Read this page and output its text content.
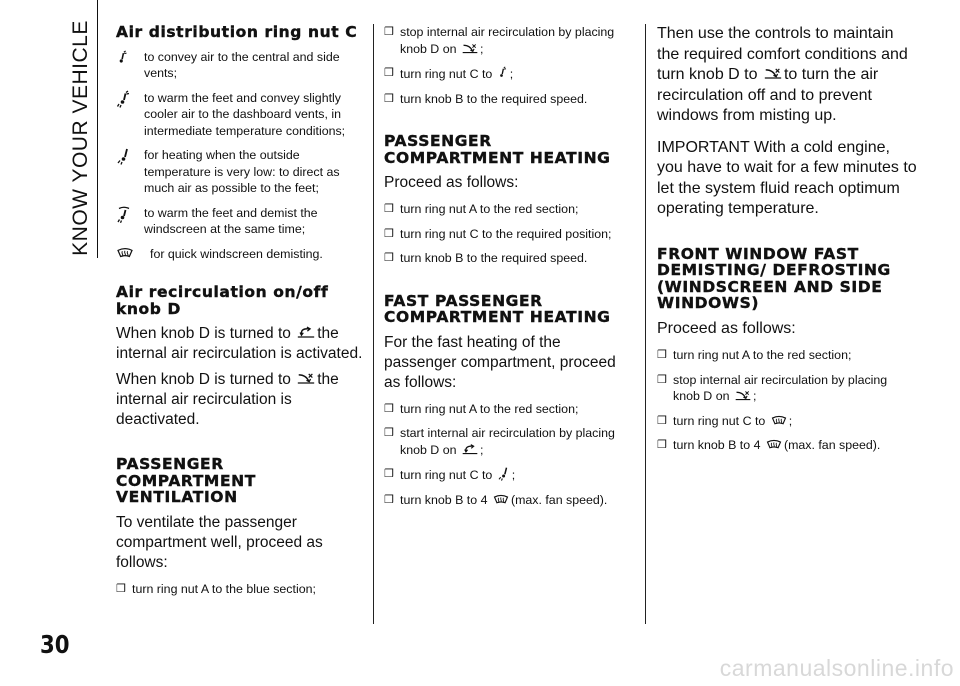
KNOW YOUR VEHICLE
30
carmanualsonline.info
Air distribution ring nut C
to convey air to the central and side vents;
to warm the feet and convey slightly cooler air to the dashboard vents, in intermediate temperature conditions;
for heating when the outside temperature is very low: to direct as much air as possible to the feet;
to warm the feet and demist the windscreen at the same time;
for quick windscreen demisting.
Air recirculation on/off knob D

When knob D is turned to the internal air recirculation is activated.

When knob D is turned to the internal air recirculation is deactivated.

PASSENGER COMPARTMENT VENTILATION

To ventilate the passenger compartment well, proceed as follows:

❒ turn ring nut A to the blue section;
❒ stop internal air recirculation by placing knob D on ;
❒ turn ring nut C to ;
❒ turn knob B to the required speed.
PASSENGER COMPARTMENT HEATING

Proceed as follows:

❒ turn ring nut A to the red section;
❒ turn ring nut C to the required position;
❒ turn knob B to the required speed.
FAST PASSENGER COMPARTMENT HEATING

For the fast heating of the passenger compartment, proceed as follows:

❒ turn ring nut A to the red section;
❒ start internal air recirculation by placing knob D on ;
❒ turn ring nut C to ;
❒ turn knob B to 4 (max. fan speed).

Then use the controls to maintain the required comfort conditions and turn knob D to to turn the air recirculation off and to prevent windows from misting up.

IMPORTANT With a cold engine, you have to wait for a few minutes to let the system fluid reach optimum operating temperature.

FRONT WINDOW FAST DEMISTING/ DEFROSTING (WINDSCREEN AND SIDE WINDOWS)

Proceed as follows:

❒ turn ring nut A to the red section;
❒ stop internal air recirculation by placing knob D on ;
❒ turn ring nut C to ;
❒ turn knob B to 4 (max. fan speed).
